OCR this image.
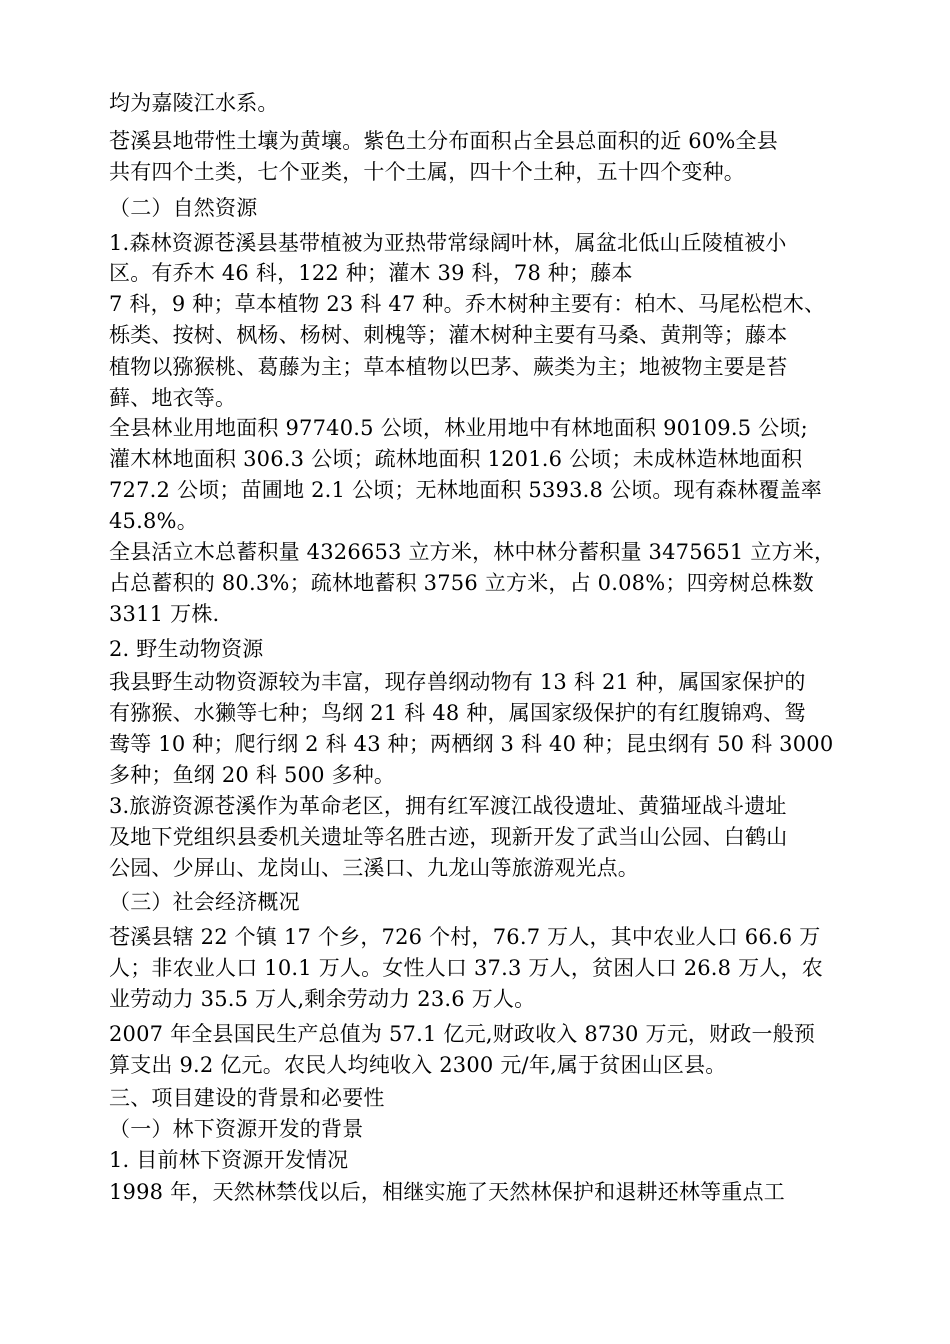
均为嘉陵江水系。
苍溪县地带性土壤为黄壤。紫色土分布面积占全县总面积的近 60%全县
共有四个土类，七个亚类，十个土属，四十个土种，五十四个变种。
（二）自然资源
1.森林资源苍溪县基带植被为亚热带常绿阔叶林，属盆北低山丘陵植被小
区。有乔木 46 科，122 种；灌木 39 科，78 种；藤本
7 科，9 种；草本植物 23 科 47 种。乔木树种主要有：柏木、马尾松桤木、
栎类、按树、枫杨、杨树、刺槐等；灌木树种主要有马桑、黄荆等；藤本
植物以猕猴桃、葛藤为主；草本植物以巴茅、蕨类为主；地被物主要是苔
藓、地衣等。
全县林业用地面积 97740.5 公顷，林业用地中有林地面积 90109.5 公顷;
灌木林地面积 306.3 公顷；疏林地面积 1201.6 公顷；未成林造林地面积
727.2 公顷；苗圃地 2.1 公顷；无林地面积 5393.8 公顷。现有森林覆盖率
45.8%。
全县活立木总蓄积量 4326653 立方米，林中林分蓄积量 3475651 立方米，
占总蓄积的 80.3%；疏林地蓄积 3756 立方米，占 0.08%；四旁树总株数
3311 万株.
2. 野生动物资源
我县野生动物资源较为丰富，现存兽纲动物有 13 科 21 种，属国家保护的
有猕猴、水獭等七种；鸟纲 21 科 48 种，属国家级保护的有红腹锦鸡、鸳
鸯等 10 种；爬行纲 2 科 43 种；两栖纲 3 科 40 种；昆虫纲有 50 科 3000
多种；鱼纲 20 科 500 多种。
3.旅游资源苍溪作为革命老区，拥有红军渡江战役遗址、黄猫垭战斗遗址
及地下党组织县委机关遗址等名胜古迹，现新开发了武当山公园、白鹤山
公园、少屏山、龙岗山、三溪口、九龙山等旅游观光点。
（三）社会经济概况
苍溪县辖 22 个镇 17 个乡，726 个村，76.7 万人，其中农业人口 66.6 万
人；非农业人口 10.1 万人。女性人口 37.3 万人，贫困人口 26.8 万人，农
业劳动力 35.5 万人,剩余劳动力 23.6 万人。
2007 年全县国民生产总值为 57.1 亿元,财政收入 8730 万元，财政一般预
算支出 9.2 亿元。农民人均纯收入 2300 元/年,属于贫困山区县。
三、项目建设的背景和必要性
（一）林下资源开发的背景
1. 目前林下资源开发情况
1998 年，天然林禁伐以后，相继实施了天然林保护和退耕还林等重点工
